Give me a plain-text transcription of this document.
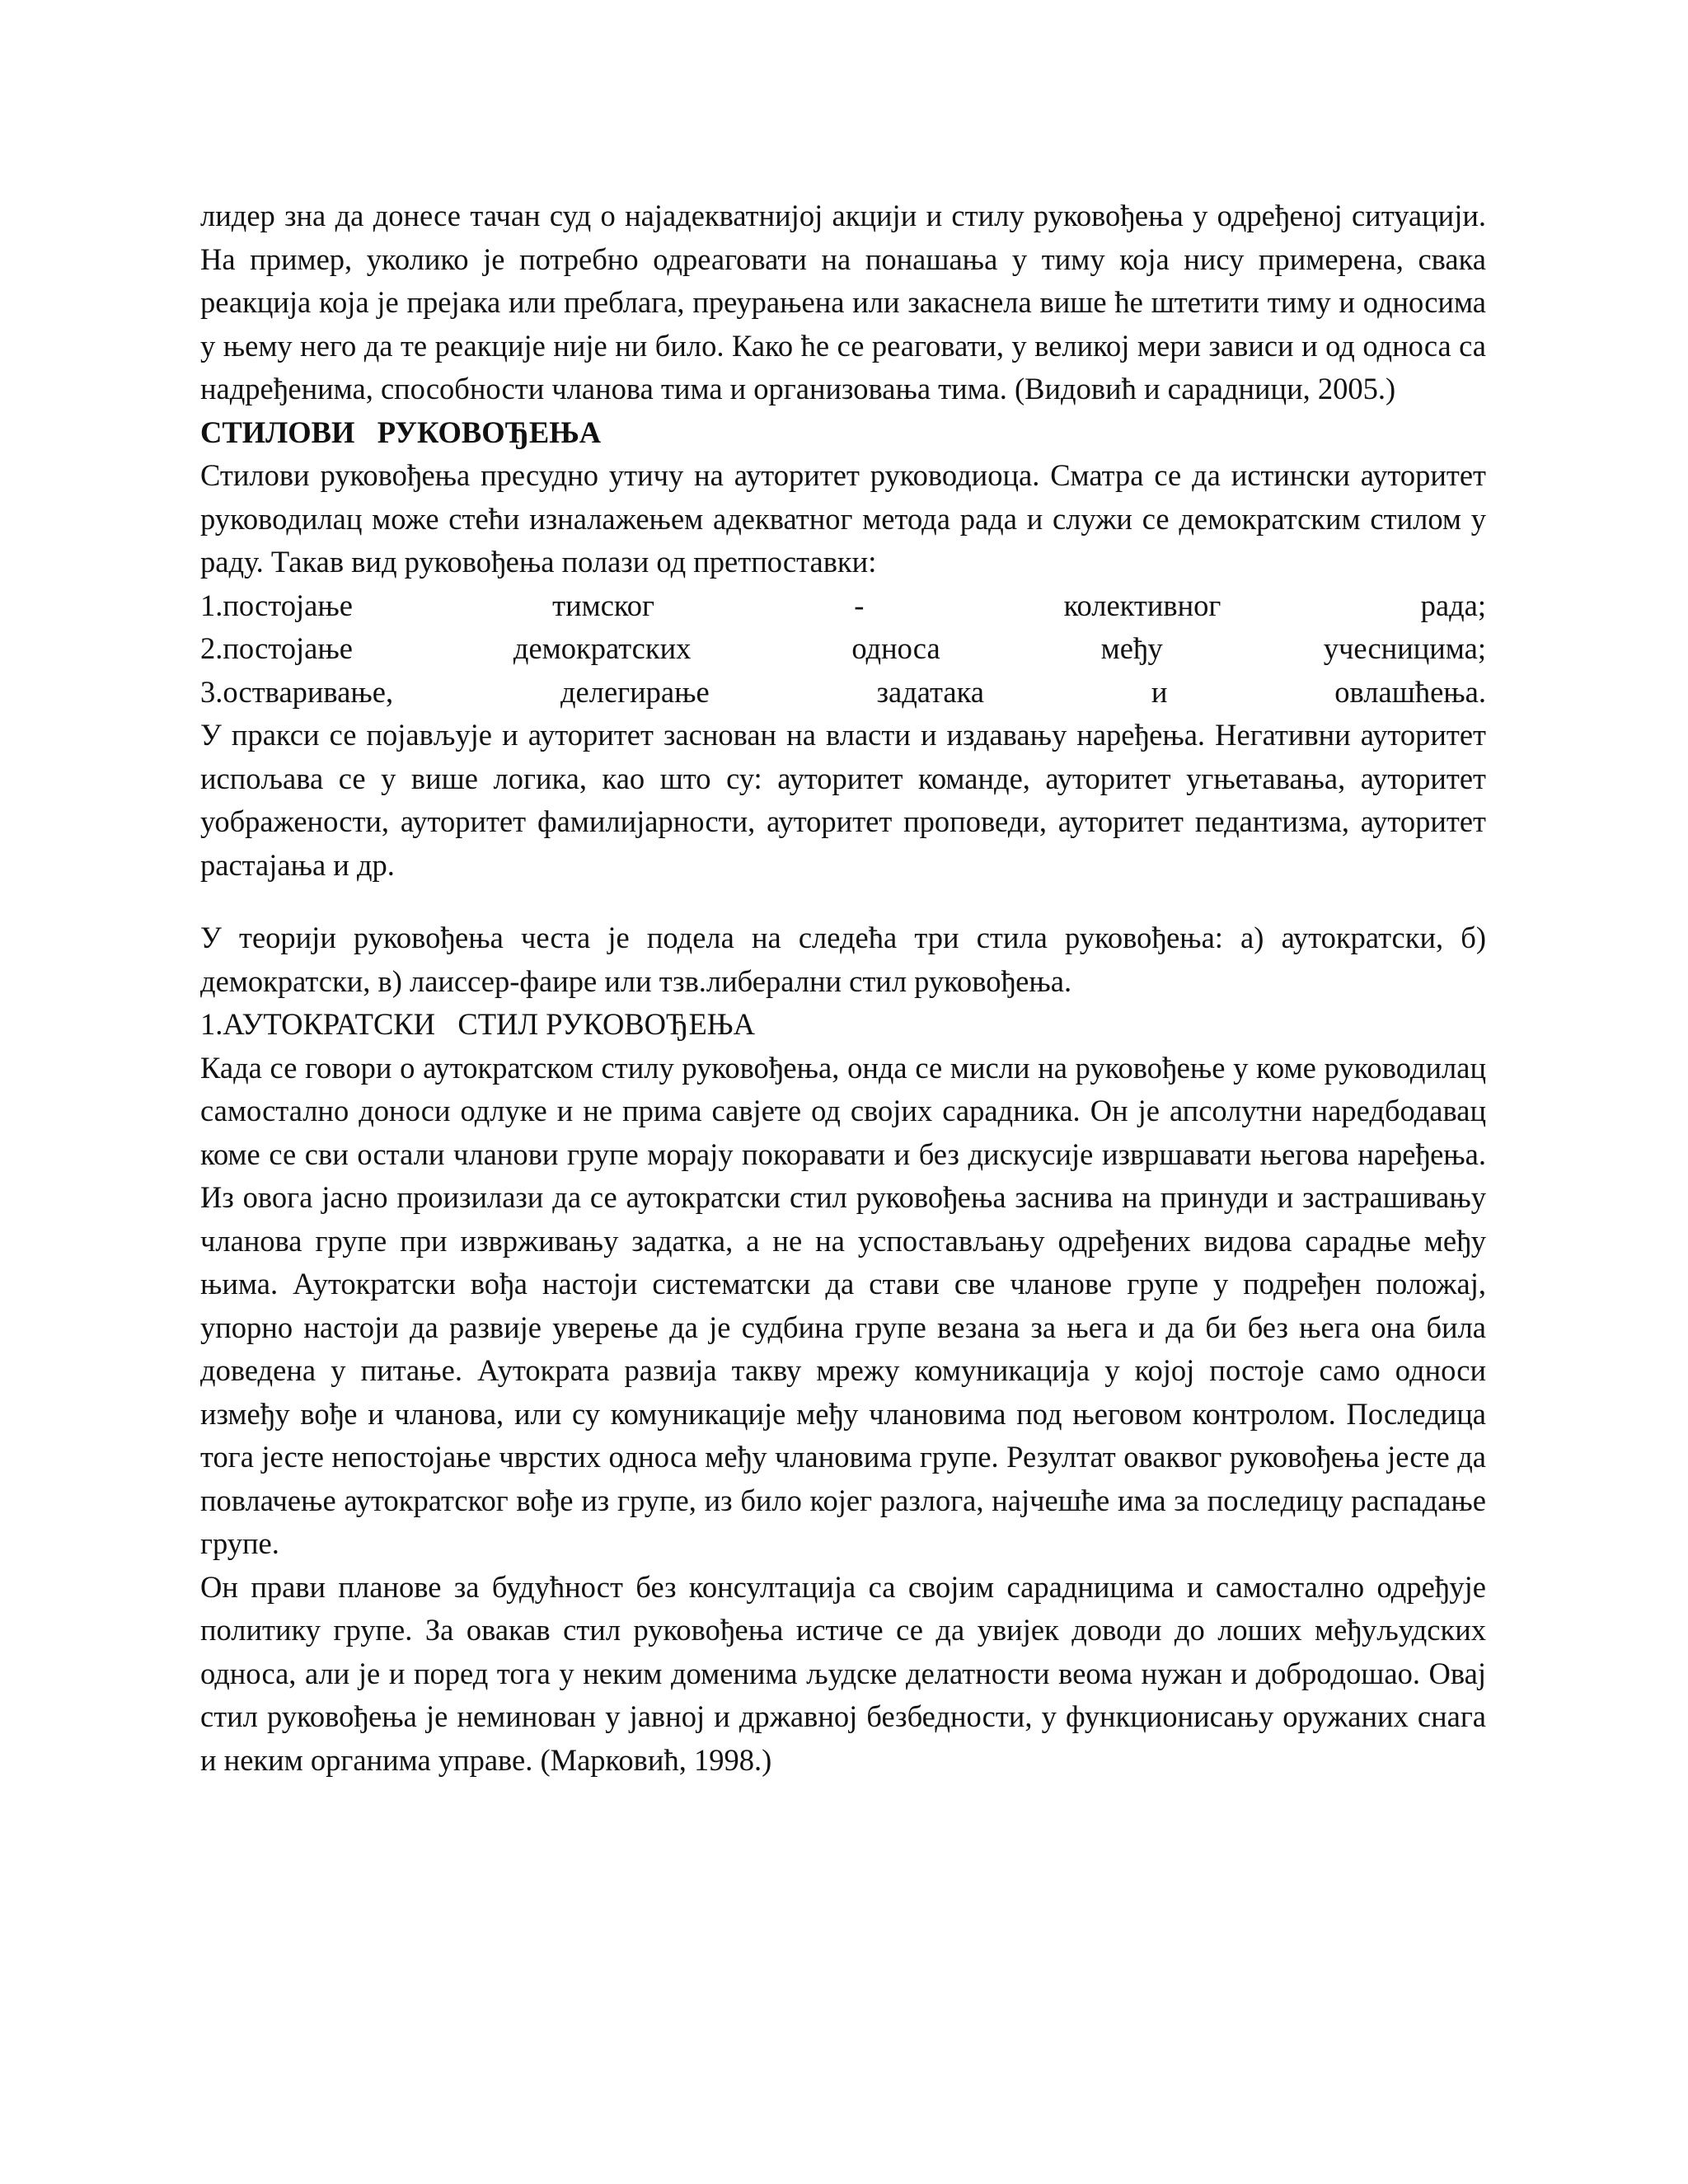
лидер зна да донесе тачан суд о најадекватнијој акцији и стилу руковођења у одређеној ситуацији. На пример, уколико је потребно одреаговати на понашања у тиму која нису примерена, свака реакција која је прејака или преблага, преурањена или закаснела више ће штетити тиму и односима у њему него да те реакције није ни било. Како ће се реаговати, у великој мери зависи и од односа са надређенима, способности чланова тима и организовања тима. (Видовић и сарадници, 2005.)

СТИЛОВИ   РУКОВОЂЕЊА

Стилови руковођења пресудно утичу на ауторитет руководиоца. Сматра се да истински ауторитет руководилац може стећи изналажењем адекватног метода рада и служи се демократским стилом у раду. Такав вид руковођења полази од претпоставки:

1.постојање тимског - колективног рада;
2.постојање демократских односа међу учесницима;
3.остваривање, делегирање задатака и овлашћења.

У пракси се појављује и ауторитет заснован на власти и издавању наређења. Негативни ауторитет испољава се у више логика, као што су: ауторитет команде, ауторитет угњетавања, ауторитет уображености, ауторитет фамилијарности, ауторитет проповеди, ауторитет педантизма, ауторитет растајања и др.

У теорији руковођења честа је подела на следећа три стила руковођења: а) аутократски, б) демократски, в) лаиссер-фаире или тзв.либерални стил руковођења.

1.АУТОКРАТСКИ   СТИЛ РУКОВОЂЕЊА

Када се говори о аутократском стилу руковођења, онда се мисли на руковођење у коме руководилац самостално доноси одлуке и не прима савјете од својих сарадника. Он је апсолутни наредбодавац коме се сви остали чланови групе морају покоравати и без дискусије извршавати његова наређења. Из овога јасно произилази да се аутократски стил руковођења заснива на принуди и застрашивању чланова групе при изврживању задатка, а не на успостављању одређених видова сарадње међу њима. Аутократски вођа настоји систематски да стави све чланове групе у подређен положај, упорно настоји да развије уверење да је судбина групе везана за њега и да би без њега она била доведена у питање. Аутократа развија такву мрежу комуникација у којој постоје само односи између вође и чланова, или су комуникације међу члановима под његовом контролом. Последица тога јесте непостојање чврстих односа међу члановима групе. Резултат оваквог руковођења јесте да повлачење аутократског вође из групе, из било којег разлога, најчешће има за последицу распадање групе.

Он прави планове за будућност без консултација са својим сарадницима и самостално одређује политику групе. За овакав стил руковођења истиче се да увијек доводи до лоших међуљудских односа, али је и поред тога у неким доменима људске делатности веома нужан и добродошао. Овај стил руковођења је неминован у јавној и државној безбедности, у функционисању оружаних снага и неким органима управе. (Марковић, 1998.)
